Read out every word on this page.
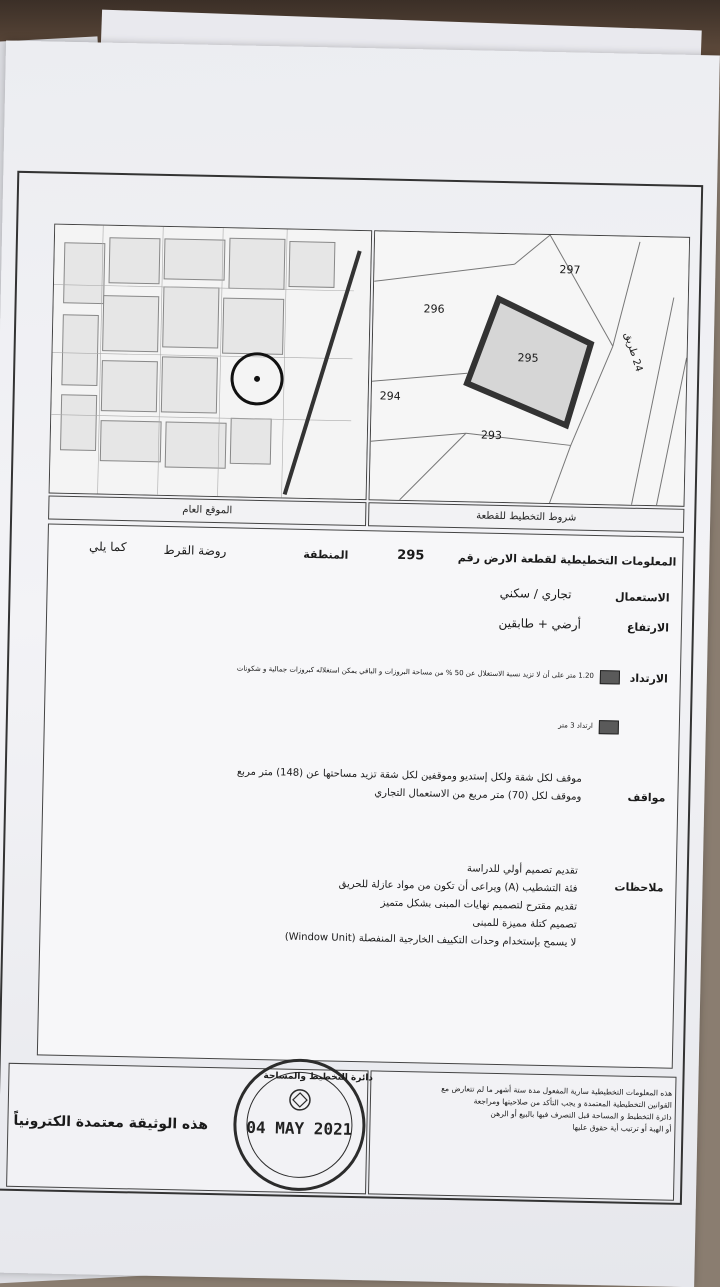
الموقع العام
295
297
296
294
293
24 طريق
شروط التخطيط للقطعة
المعلومات التخطيطية لقطعة الارض رقم
295
المنطقة
روضة القرط
كما يلي
الاستعمال
تجاري / سكني
الارتفاع
أرضي + طابقين
الارتداد
1.20 متر على أن لا تزيد نسبة الاستغلال عن 50 % من مساحة البروزات و الباقي يمكن استغلاله كبروزات جمالية و شكونات
ارتداد 3 متر
مواقف
موقف لكل شقة ولكل إستديو وموقفين لكل شقة تزيد مساحتها عن (148) متر مربع
وموقف لكل (70) متر مربع من الاستعمال التجاري
ملاحظات
تقديم تصميم أولي للدراسة
فئة التشطيب (A) ويراعى أن تكون من مواد عازلة للحريق
تقديم مقترح لتصميم نهايات المبنى بشكل متميز
تصميم كتلة مميزة للمبنى
لا يسمح بإستخدام وحدات التكييف الخارجية المنفصلة (Window Unit)
هذه المعلومات التخطيطية سارية المفعول مدة ستة أشهر ما لم تتعارض مع
القوانين التخطيطية المعتمدة و يجب التأكد من صلاحيتها ومراجعة
دائرة التخطيط و المساحة قبل التصرف فيها بالبيع أو الرهن
أو الهبة أو ترتيب أية حقوق عليها
هذه الوثيقة معتمدة الكترونياً
دائرة التخطيط والمساحة
04 MAY 2021
